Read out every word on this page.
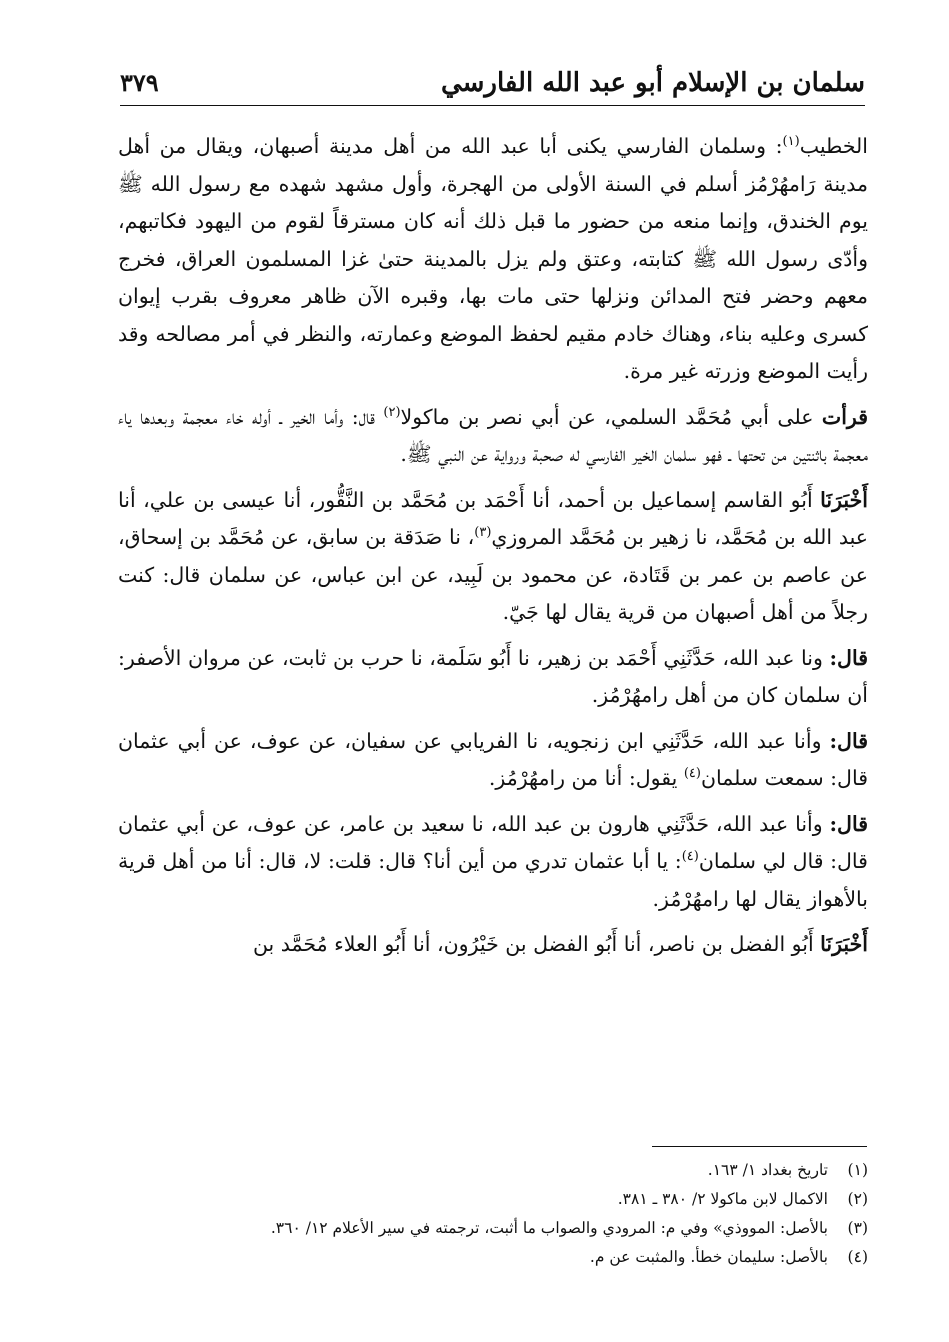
سلمان بن الإسلام أبو عبد الله الفارسي
٣٧٩

الخطيب$^{(١)}$: وسلمان الفارسي يكنى أبا عبد الله من أهل مدينة أصبهان، ويقال من أهل مدينة رَامهُرْمُز أسلم في السنة الأولى من الهجرة، وأول مشهد شهده مع رسول الله ﷺ يوم الخندق، وإنما منعه من حضور ما قبل ذلك أنه كان مسترقاً لقوم من اليهود فكاتبهم، وأدّى رسول الله ﷺ كتابته، وعتق ولم يزل بالمدينة حتىٰ غزا المسلمون العراق، فخرج معهم وحضر فتح المدائن ونزلها حتى مات بها، وقبره الآن ظاهر معروف بقرب إيوان كسرى وعليه بناء، وهناك خادم مقيم لحفظ الموضع وعمارته، والنظر في أمر مصالحه وقد رأيت الموضع وزرته غير مرة.

قرأت على أبي مُحَمَّد السلمي، عن أبي نصر بن ماكولا$^{(٢)}$ قال: وأما الخير ـ أوله خاء معجمة وبعدها ياء معجمة باثنتين من تحتها ـ فهو سلمان الخير الفارسي له صحبة ورواية عن النبي ﷺ.

أَخْبَرَنَا أَبُو القاسم إسماعيل بن أحمد، أنا أَحْمَد بن مُحَمَّد بن النَّقُّور، أنا عيسى بن علي، أنا عبد الله بن مُحَمَّد، نا زهير بن مُحَمَّد المروزي$^{(٣)}$، نا صَدَقة بن سابق، عن مُحَمَّد بن إسحاق، عن عاصم بن عمر بن قَتَادة، عن محمود بن لَبِيد، عن ابن عباس، عن سلمان قال: كنت رجلاً من أهل أصبهان من قرية يقال لها جَيّ.

قال: ونا عبد الله، حَدَّثَنِي أَحْمَد بن زهير، نا أَبُو سَلَمة، نا حرب بن ثابت، عن مروان الأصفر: أن سلمان كان من أهل رامهُرْمُز.

قال: وأنا عبد الله، حَدَّثَنِي ابن زنجويه، نا الفريابي عن سفيان، عن عوف، عن أبي عثمان قال: سمعت سلمان$^{(٤)}$ يقول: أنا من رامهُرْمُز.

قال: وأنا عبد الله، حَدَّثَنِي هارون بن عبد الله، نا سعيد بن عامر، عن عوف، عن أبي عثمان قال: قال لي سلمان$^{(٤)}$: يا أبا عثمان تدري من أين أنا؟ قال: قلت: لا، قال: أنا من أهل قرية بالأهواز يقال لها رامهُرْمُز.

أَخْبَرَنَا أَبُو الفضل بن ناصر، أنا أَبُو الفضل بن خَيْرُون، أنا أَبُو العلاء مُحَمَّد بن

(١)
تاريخ بغداد ١/ ١٦٣.
(٢)
الاكمال لابن ماكولا ٢/ ٣٨٠ ـ ٣٨١.
(٣)
بالأصل: المووذي» وفي م: المرودي والصواب ما أثبت، ترجمته في سير الأعلام ١٢/ ٣٦٠.
(٤)
بالأصل: سليمان خطأ. والمثبت عن م.
